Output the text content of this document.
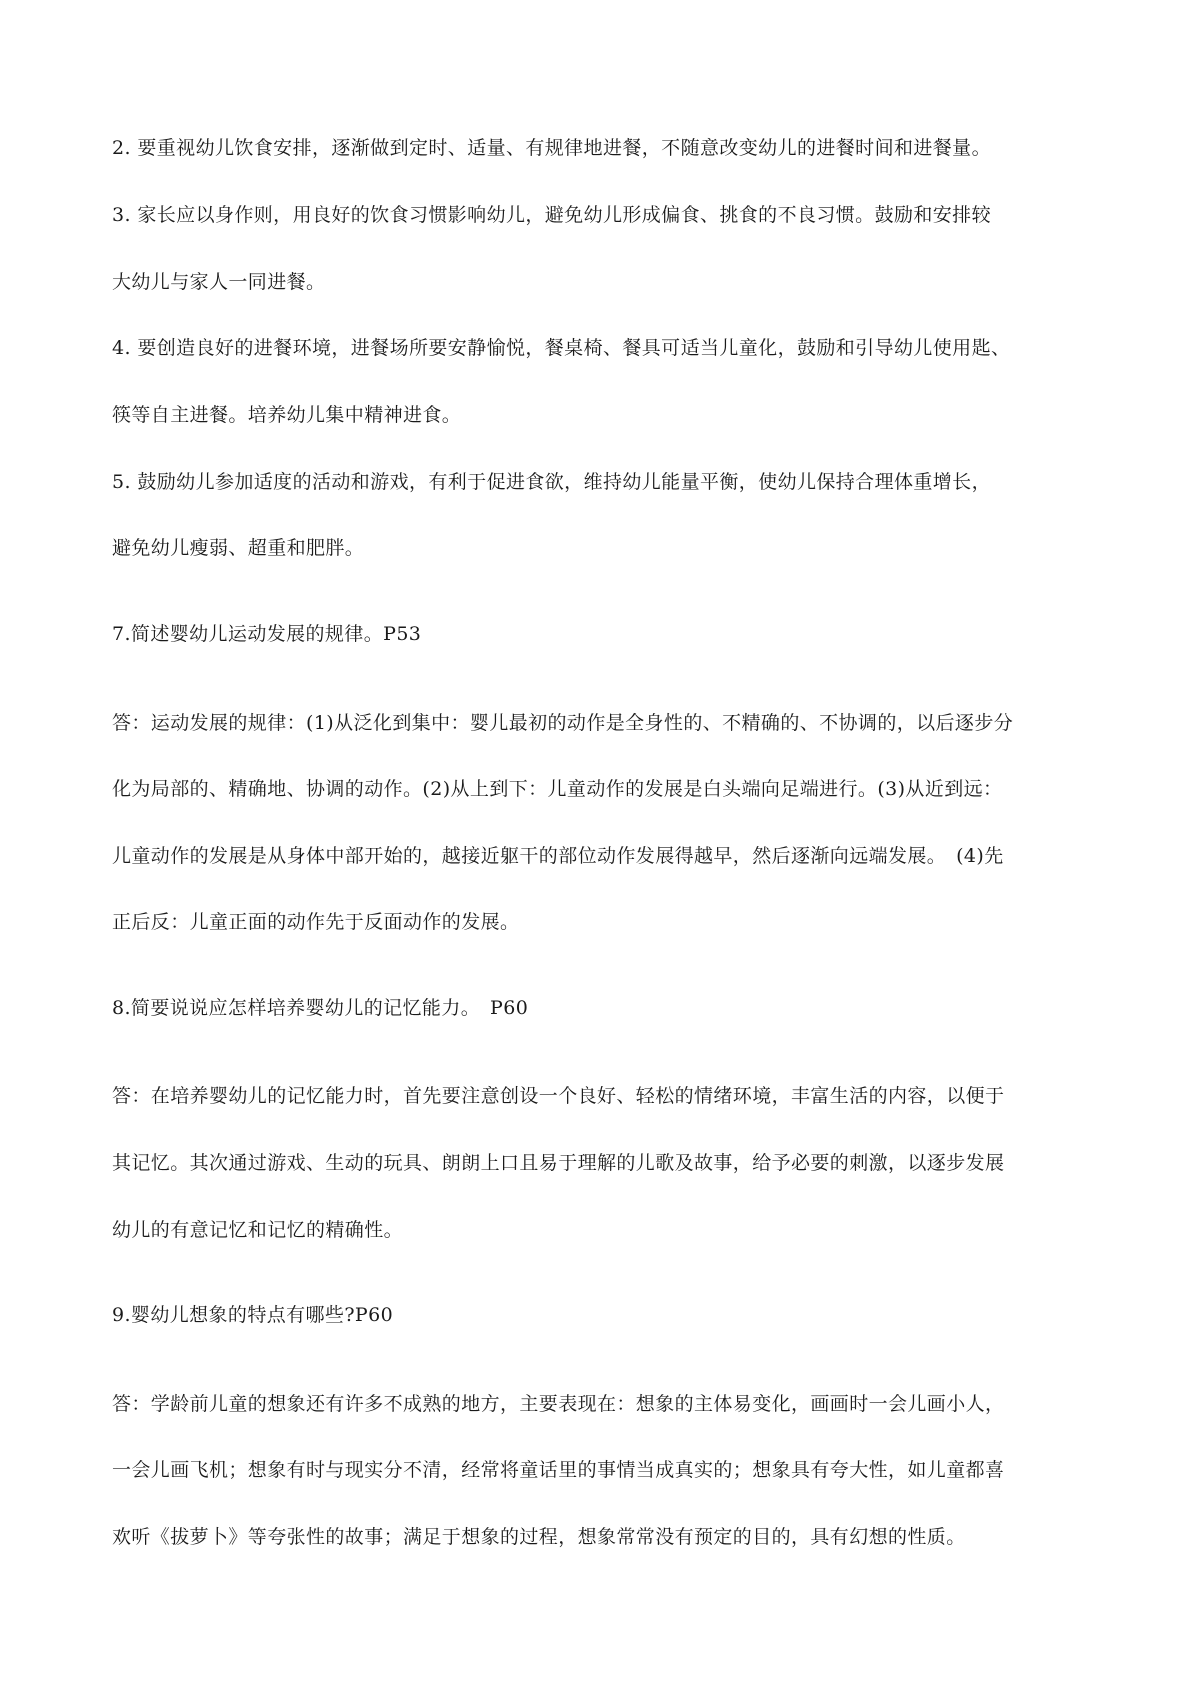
2. 要重视幼儿饮食安排，逐渐做到定时、适量、有规律地进餐，不随意改变幼儿的进餐时间和进餐量。
3. 家长应以身作则，用良好的饮食习惯影响幼儿，避免幼儿形成偏食、挑食的不良习惯。鼓励和安排较
大幼儿与家人一同进餐。
4. 要创造良好的进餐环境，进餐场所要安静愉悦，餐桌椅、餐具可适当儿童化，鼓励和引导幼儿使用匙、
筷等自主进餐。培养幼儿集中精神进食。
5. 鼓励幼儿参加适度的活动和游戏，有利于促进食欲，维持幼儿能量平衡，使幼儿保持合理体重增长，
避免幼儿瘦弱、超重和肥胖。
7.简述婴幼儿运动发展的规律。P53
答：运动发展的规律：(1)从泛化到集中：婴儿最初的动作是全身性的、不精确的、不协调的，以后逐步分
化为局部的、精确地、协调的动作。(2)从上到下：儿童动作的发展是白头端向足端进行。(3)从近到远：
儿童动作的发展是从身体中部开始的，越接近躯干的部位动作发展得越早，然后逐渐向远端发展。　(4)先
正后反：儿童正面的动作先于反面动作的发展。
8.简要说说应怎样培养婴幼儿的记忆能力。　P60
答：在培养婴幼儿的记忆能力时，首先要注意创设一个良好、轻松的情绪环境，丰富生活的内容，以便于
其记忆。其次通过游戏、生动的玩具、朗朗上口且易于理解的儿歌及故事，给予必要的刺激，以逐步发展
幼儿的有意记忆和记忆的精确性。
9.婴幼儿想象的特点有哪些?P60
答：学龄前儿童的想象还有许多不成熟的地方，主要表现在：想象的主体易变化，画画时一会儿画小人，
一会儿画飞机；想象有时与现实分不清，经常将童话里的事情当成真实的；想象具有夸大性，如儿童都喜
欢听《拔萝卜》等夸张性的故事；满足于想象的过程，想象常常没有预定的目的，具有幻想的性质。
